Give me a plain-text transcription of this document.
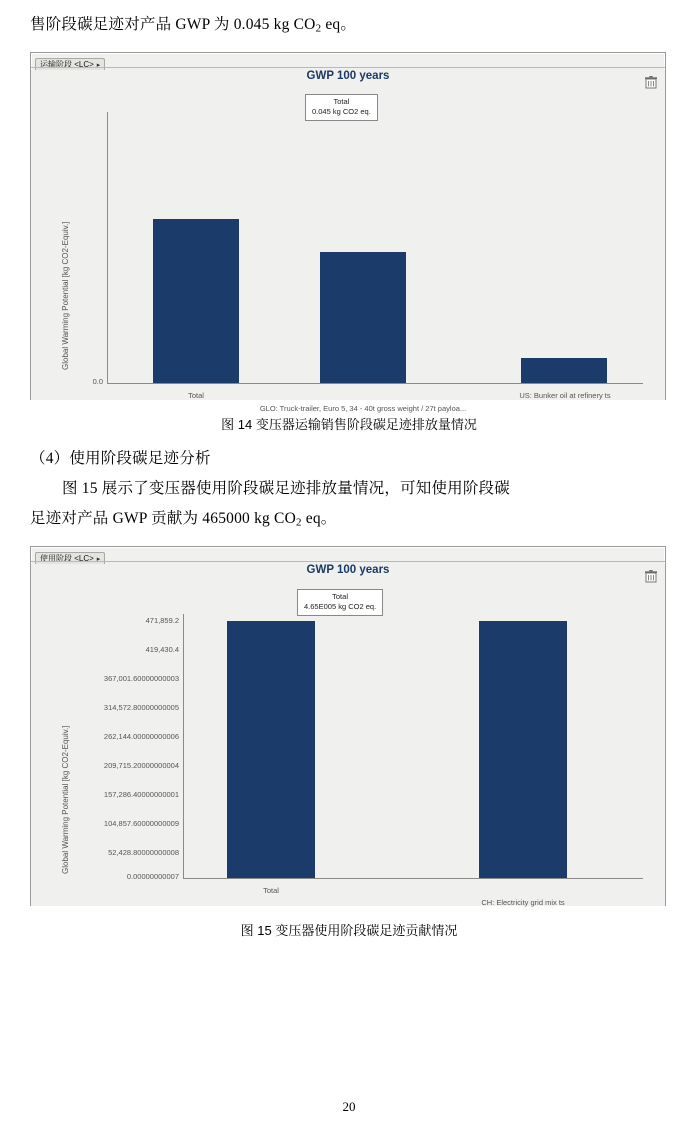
售阶段碳足迹对产品 GWP 为 0.045 kg $CO_2$ eq。
运输阶段 <LC> ▸
GWP 100 years
Total
0.045 kg CO2 eq.
Global Warming Potential [kg CO2-Equiv.]
0.0
Total
GLO: Truck-trailer, Euro 5, 34 - 40t gross weight / 27t payloa...
US: Bunker oil at refinery ts
图 14 变压器运输销售阶段碳足迹排放量情况
（4）使用阶段碳足迹分析
图 15 展示了变压器使用阶段碳足迹排放量情况，可知使用阶段碳
足迹对产品 GWP 贡献为 465000 kg $CO_2$ eq。
使用阶段 <LC> ▸
GWP 100 years
Total
4.65E005 kg CO2 eq.
Global Warming Potential [kg CO2-Equiv.]
471,859.2
419,430.4
367,001.60000000003
314,572.80000000005
262,144.00000000006
209,715.20000000004
157,286.40000000001
104,857.60000000009
52,428.80000000008
0.00000000007
Total
CH: Electricity grid mix ts
图 15 变压器使用阶段碳足迹贡献情况
20
